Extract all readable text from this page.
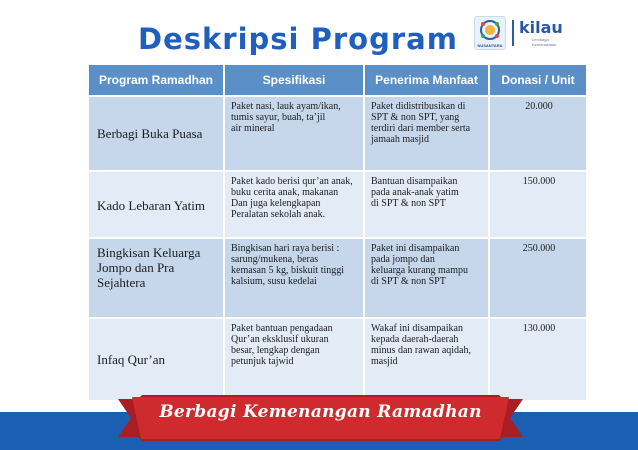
Deskripsi Program	NUSANTARA
kilau
Lembaga
Kemanusiaan
Program Ramadhan	Spesifikasi	Penerima Manfaat	Donasi / Unit

Berbagi Buka Puasa	Paket nasi, lauk ayam/ikan,
tumis sayur, buah, ta’jil
air mineral	Paket didistribusikan di
SPT & non SPT, yang
terdiri dari member serta
jamaah masjid	20.000

Kado Lebaran Yatim	Paket kado berisi qur’an anak,
buku cerita anak, makanan
Dan juga kelengkapan
Peralatan sekolah anak.	Bantuan disampaikan
pada anak-anak yatim
di SPT & non SPT	150.000

Bingkisan Keluarga
Jompo dan Pra
Sejahtera	Bingkisan hari raya berisi :
sarung/mukena, beras
kemasan 5 kg, biskuit tinggi
kalsium, susu kedelai	Paket ini disampaikan
pada jompo dan
keluarga kurang mampu
di SPT & non SPT	250.000

Infaq Qur’an	Paket bantuan pengadaan
Qur’an eksklusif ukuran
besar, lengkap dengan
petunjuk tajwid	Wakaf ini disampaikan
kepada daerah-daerah
minus dan rawan aqidah,
masjid	130.000
Berbagi Kemenangan Ramadhan
